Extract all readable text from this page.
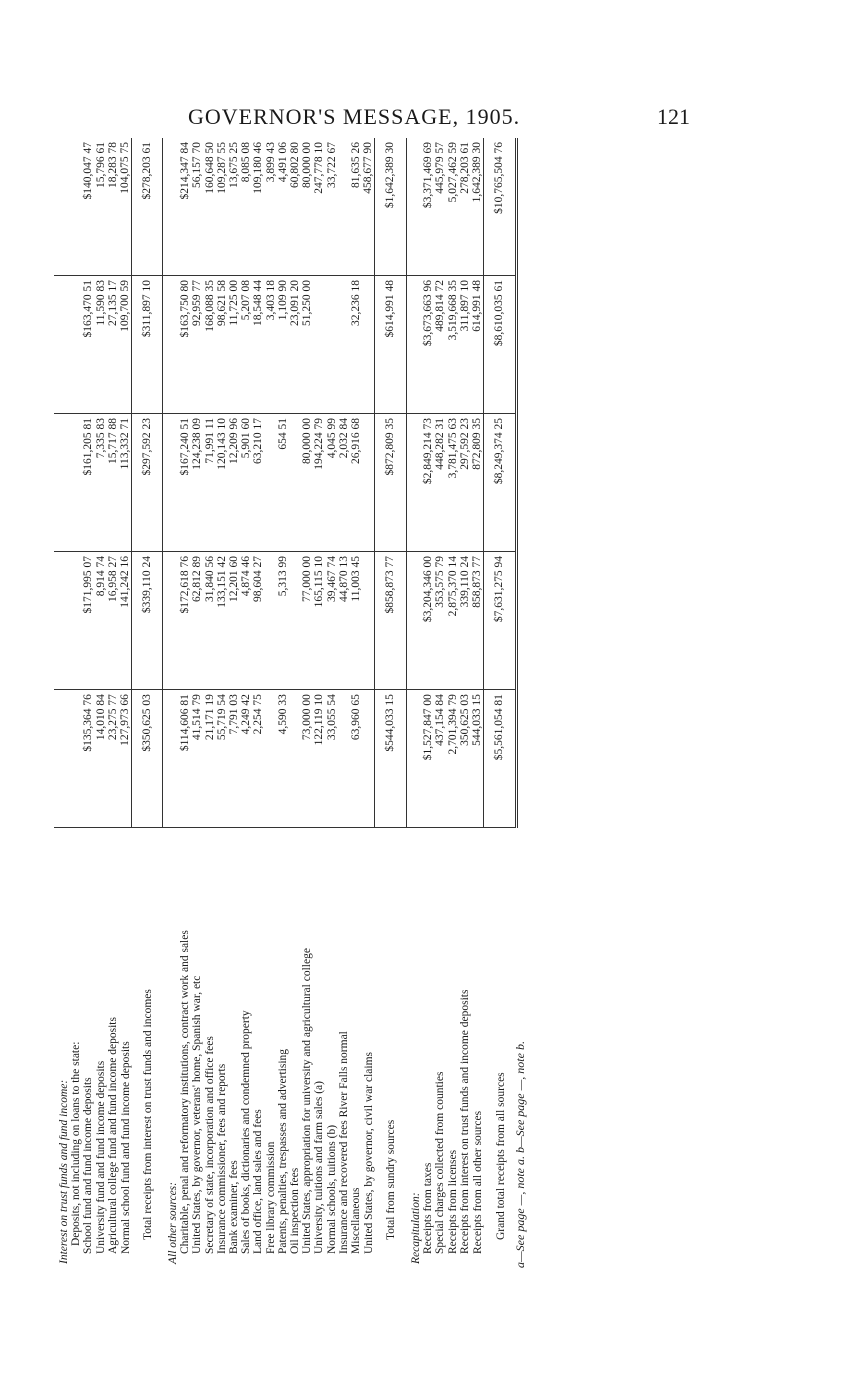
GOVERNOR'S MESSAGE, 1905.	121
Interest on trust funds and fund income:					
Deposits, not including on loans to the state:					
School fund and fund income deposits	$135,364 76	$171,995 07	$161,205 81	$163,470 51	$140,047 47
University fund and fund income deposits	14,010 84	8,914 74	7,335 83	11,590 83	15,796 61
Agricultural college fund and fund income deposits	23,275 77	16,958 27	15,717 88	27,135 17	18,283 78
Normal school fund and fund income deposits	127,973 66	141,242 16	113,332 71	109,700 59	104,075 75
Total receipts from interest on trust funds and incomes	$350,625 03	$339,110 24	$297,592 23	$311,897 10	$278,203 61
All other sources:					
Charitable, penal and reformatory institutions, contract work and sales	$114,606 81	$172,618 76	$167,240 51	$163,750 80	$214,347 84
United States, by governor, veterans' home, Spanish war, etc	41,514 79	62,812 89	124,238 09	92,959 77	56,157 70
Secretary of state, incorporation and office fees	21,171 19	31,840 56	71,991 11	168,088 35	160,648 50
Insurance commissioner, fees and reports	55,719 54	133,151 42	120,143 10	98,621 58	109,287 55
Bank examiner, fees	7,791 03	12,201 60	12,209 96	11,725 00	13,675 25
Sales of books, dictionaries and condemned property	4,249 42	4,874 46	5,901 60	5,207 08	8,085 08
Land office, land sales and fees	2,254 75	98,604 27	63,210 17	18,548 44	109,180 46
Free library commission				3,403 18	3,899 43
Patents, penalties, trespasses and advertising	4,590 33	5,313 99	654 51	1,109 90	4,491 06
Oil inspection fees				23,091 20	60,802 80
United States, appropriation for university and agricultural college	73,000 00	77,000 00	80,000 00	51,250 00	80,000 00
University, tuitions and farm sales (a)	122,119 10	165,115 10	194,224 79		247,778 10
Normal schools, tuitions (b)	33,055 54	39,467 74	4,045 99		33,722 67
Insurance and recovered fees River Falls normal		44,870 13	2,032 84		
Miscellaneous	63,960 65	11,003 45	26,916 68	32,236 18	81,635 26
United States, by governor, civil war claims					458,677 90
Total from sundry sources	$544,033 15	$858,873 77	$872,809 35	$614,991 48	$1,642,389 30
Recapitulation:					
Receipts from taxes	$1,527,847 00	$3,204,346 00	$2,849,214 73	$3,673,663 96	$3,371,469 69
Special charges collected from counties	437,154 84	353,575 79	448,282 31	489,814 72	445,979 57
Receipts from licenses	2,701,394 79	2,875,370 14	3,781,475 63	3,519,668 35	5,027,462 59
Receipts from interest on trust funds and income deposits	350,625 03	339,110 24	297,592 23	311,897 10	278,203 61
Receipts from all other sources	544,033 15	858,873 77	872,809 35	614,991 48	1,642,389 30
Grand total receipts from all sources	$5,561,054 81	$7,631,275 94	$8,249,374 25	$8,610,035 61	$10,765,504 76
a—See page —, note a. b—See page —, note b.
